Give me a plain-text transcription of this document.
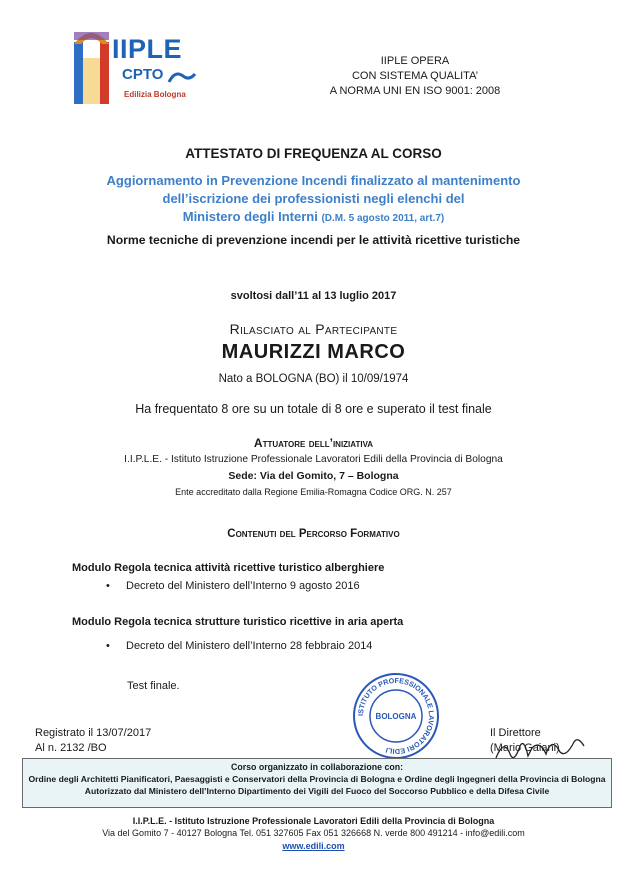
IIPLE
CPTO
Edilizia Bologna
IIPLE OPERA
CON SISTEMA QUALITA’
A NORMA UNI EN ISO 9001: 2008
ATTESTATO DI FREQUENZA AL CORSO
Aggiornamento in Prevenzione Incendi finalizzato al mantenimento
dell’iscrizione dei professionisti negli elenchi del
Ministero degli Interni (D.M. 5 agosto 2011, art.7)
Norme tecniche di prevenzione incendi per le attività ricettive turistiche
svoltosi dall’11 al 13 luglio 2017
Rilasciato al Partecipante
MAURIZZI MARCO
Nato a BOLOGNA (BO) il 10/09/1974
Ha frequentato 8 ore su un totale di 8 ore e superato il test finale
Attuatore dell’iniziativa
I.I.P.L.E. - Istituto Istruzione Professionale Lavoratori Edili della Provincia di Bologna
Sede: Via del Gomito, 7 – Bologna
Ente accreditato dalla Regione Emilia-Romagna Codice ORG. N. 257
Contenuti del Percorso Formativo
Modulo Regola tecnica attività ricettive turistico alberghiere
• Decreto del Ministero dell’Interno 9 agosto 2016
Modulo Regola tecnica strutture turistico ricettive in aria aperta
• Decreto del Ministero dell’Interno 28 febbraio 2014
Test finale.
ISTITUTO PROFESSIONALE LAVORATORI EDILI
BOLOGNA
Registrato il 13/07/2017
Al n. 2132 /BO
Il Direttore
(Mario Gaiani)
Corso organizzato in collaborazione con:
Ordine degli Architetti Pianificatori, Paesaggisti e Conservatori della Provincia di Bologna e Ordine degli Ingegneri della Provincia di Bologna
Autorizzato dal Ministero dell’Interno Dipartimento dei Vigili del Fuoco del Soccorso Pubblico e della Difesa Civile
I.I.P.L.E. - Istituto Istruzione Professionale Lavoratori Edili della Provincia di Bologna
Via del Gomito 7 - 40127 Bologna Tel. 051 327605 Fax 051 326668 N. verde 800 491214 - info@edili.com
www.edili.com
